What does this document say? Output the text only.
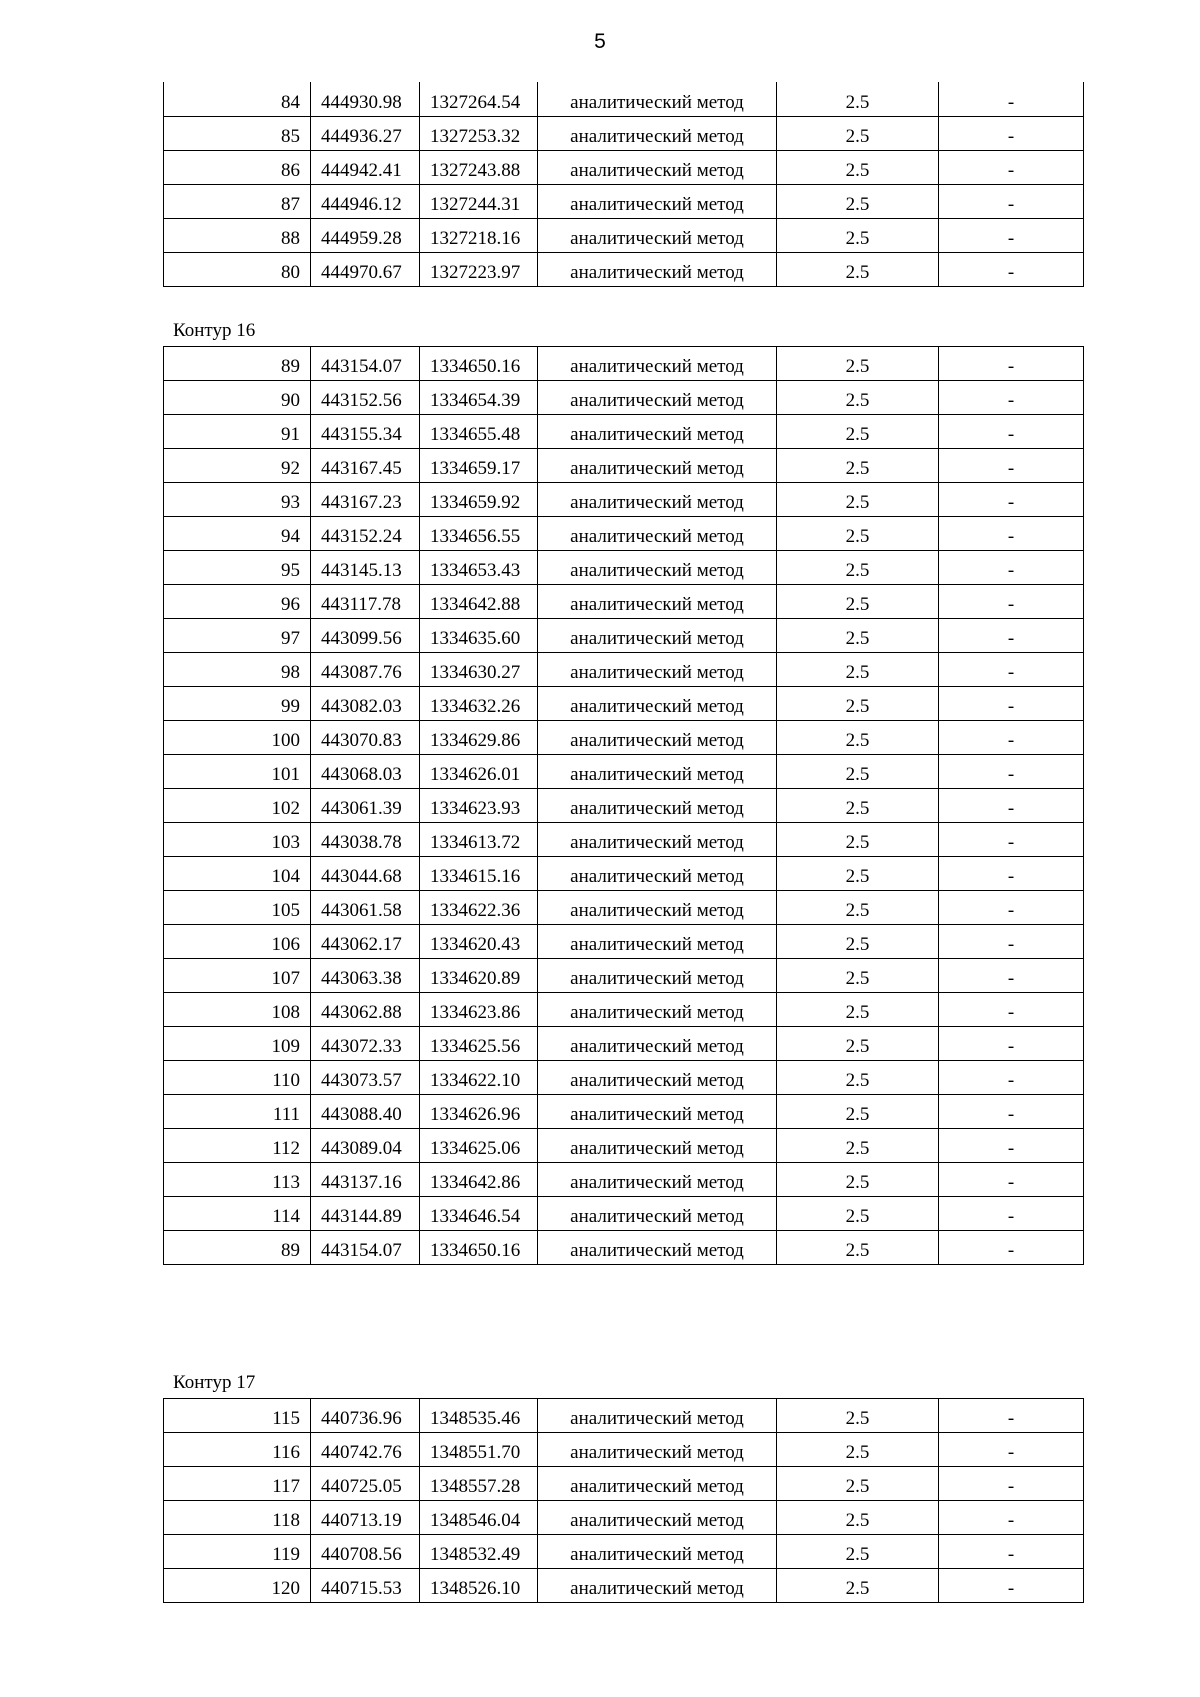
5
84	444930.98	1327264.54	аналитический метод	2.5	-
85	444936.27	1327253.32	аналитический метод	2.5	-
86	444942.41	1327243.88	аналитический метод	2.5	-
87	444946.12	1327244.31	аналитический метод	2.5	-
88	444959.28	1327218.16	аналитический метод	2.5	-
80	444970.67	1327223.97	аналитический метод	2.5	-
Контур 16
89	443154.07	1334650.16	аналитический метод	2.5	-
90	443152.56	1334654.39	аналитический метод	2.5	-
91	443155.34	1334655.48	аналитический метод	2.5	-
92	443167.45	1334659.17	аналитический метод	2.5	-
93	443167.23	1334659.92	аналитический метод	2.5	-
94	443152.24	1334656.55	аналитический метод	2.5	-
95	443145.13	1334653.43	аналитический метод	2.5	-
96	443117.78	1334642.88	аналитический метод	2.5	-
97	443099.56	1334635.60	аналитический метод	2.5	-
98	443087.76	1334630.27	аналитический метод	2.5	-
99	443082.03	1334632.26	аналитический метод	2.5	-
100	443070.83	1334629.86	аналитический метод	2.5	-
101	443068.03	1334626.01	аналитический метод	2.5	-
102	443061.39	1334623.93	аналитический метод	2.5	-
103	443038.78	1334613.72	аналитический метод	2.5	-
104	443044.68	1334615.16	аналитический метод	2.5	-
105	443061.58	1334622.36	аналитический метод	2.5	-
106	443062.17	1334620.43	аналитический метод	2.5	-
107	443063.38	1334620.89	аналитический метод	2.5	-
108	443062.88	1334623.86	аналитический метод	2.5	-
109	443072.33	1334625.56	аналитический метод	2.5	-
110	443073.57	1334622.10	аналитический метод	2.5	-
111	443088.40	1334626.96	аналитический метод	2.5	-
112	443089.04	1334625.06	аналитический метод	2.5	-
113	443137.16	1334642.86	аналитический метод	2.5	-
114	443144.89	1334646.54	аналитический метод	2.5	-
89	443154.07	1334650.16	аналитический метод	2.5	-
Контур 17
115	440736.96	1348535.46	аналитический метод	2.5	-
116	440742.76	1348551.70	аналитический метод	2.5	-
117	440725.05	1348557.28	аналитический метод	2.5	-
118	440713.19	1348546.04	аналитический метод	2.5	-
119	440708.56	1348532.49	аналитический метод	2.5	-
120	440715.53	1348526.10	аналитический метод	2.5	-
